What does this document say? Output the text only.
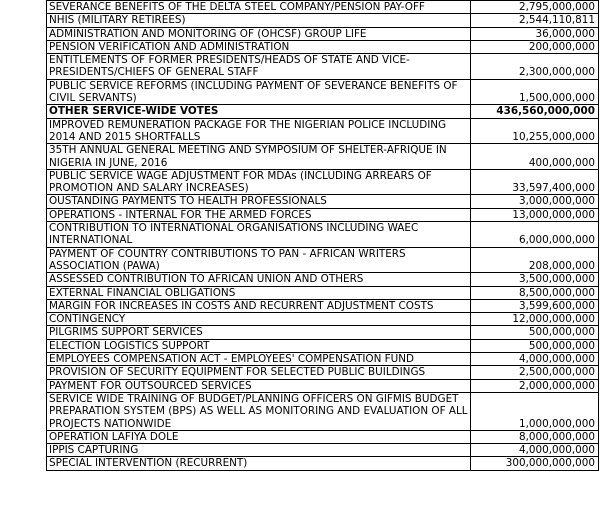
SEVERANCE BENEFITS OF THE DELTA STEEL COMPANY/PENSION PAY-OFF	2,795,000,000
NHIS (MILITARY RETIREES)	2,544,110,811
ADMINISTRATION AND MONITORING OF (OHCSF) GROUP LIFE	36,000,000
PENSION VERIFICATION AND ADMINISTRATION	200,000,000
ENTITLEMENTS OF FORMER PRESIDENTS/HEADS OF STATE AND VICE-PRESIDENTS/CHIEFS OF GENERAL STAFF	2,300,000,000
PUBLIC SERVICE REFORMS (INCLUDING PAYMENT OF SEVERANCE BENEFITS OF CIVIL SERVANTS)	1,500,000,000
OTHER SERVICE-WIDE VOTES	436,560,000,000
IMPROVED REMUNERATION PACKAGE FOR THE NIGERIAN POLICE INCLUDING 2014 AND 2015 SHORTFALLS	10,255,000,000
35TH ANNUAL GENERAL MEETING AND SYMPOSIUM OF SHELTER-AFRIQUE IN NIGERIA IN JUNE, 2016	400,000,000
PUBLIC SERVICE WAGE ADJUSTMENT FOR MDAs (INCLUDING ARREARS OF PROMOTION AND SALARY INCREASES)	33,597,400,000
OUSTANDING PAYMENTS TO HEALTH PROFESSIONALS	3,000,000,000
OPERATIONS - INTERNAL FOR THE ARMED FORCES	13,000,000,000
CONTRIBUTION TO INTERNATIONAL ORGANISATIONS INCLUDING WAEC INTERNATIONAL	6,000,000,000
PAYMENT OF COUNTRY CONTRIBUTIONS TO PAN - AFRICAN WRITERS ASSOCIATION (PAWA)	208,000,000
ASSESSED CONTRIBUTION TO AFRICAN UNION AND OTHERS	3,500,000,000
EXTERNAL FINANCIAL OBLIGATIONS	8,500,000,000
MARGIN FOR INCREASES IN COSTS AND RECURRENT ADJUSTMENT COSTS	3,599,600,000
CONTINGENCY	12,000,000,000
PILGRIMS SUPPORT SERVICES	500,000,000
ELECTION LOGISTICS SUPPORT	500,000,000
EMPLOYEES COMPENSATION ACT - EMPLOYEES' COMPENSATION FUND	4,000,000,000
PROVISION OF SECURITY EQUIPMENT FOR SELECTED PUBLIC BUILDINGS	2,500,000,000
PAYMENT FOR OUTSOURCED SERVICES	2,000,000,000
SERVICE WIDE TRAINING OF BUDGET/PLANNING OFFICERS ON GIFMIS BUDGET PREPARATION SYSTEM (BPS) AS WELL AS MONITORING AND EVALUATION OF ALL PROJECTS NATIONWIDE	1,000,000,000
OPERATION LAFIYA DOLE	8,000,000,000
IPPIS CAPTURING	4,000,000,000
SPECIAL INTERVENTION (RECURRENT)	300,000,000,000
